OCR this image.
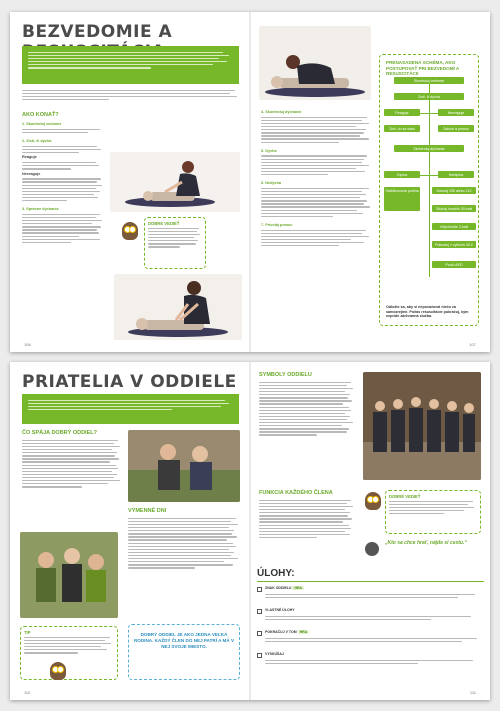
BEZVEDOMIE A
AKO KONAŤ?
1. Skontroluj vedomie
2. Zisti, či dýcha
Reaguje
Nereaguje
3. Správne dýchanie
DOBRE VEDIEŤ
106
4. Skontroluj dýchanie
5. Dýcha
6. Nedýcha
7. Privolaj pomoc
PRENASADENÁ SCHÉMA, AKO POSTUPOVAŤ PRI BEZVEDOMÍ A RESUSCITÁCII
Skontroluj vedomie
Zisti, či dýcha
Reaguje	Nereaguje
Zisti, čo sa stalo	Zakloň a pomoc
Skontroluj dýchanie
Dýcha	Nedýcha
Stabilizovaná poloha	Zavolaj 155 alebo 112
Stláčaj hrudník 30-krát
Vdýchnutie 2-krát
Pokračuj v cykloch 30:2
Použi AED
Odložte sa, aby si nepovažoval niečo za samozrejmé. Počas resuscitácie pokračuj, kým nepríde záchranná služba.
107
PRIATELIA V ODDIELE
ČO SPÁJA DOBRÝ ODDIEL?
VÝMENNÉ DNI
TIP	DOBRÝ ODDIEL JE AKO JEDNA VEĽKÁ RODINA. KAŽDÝ ČLEN DO NEJ PATRÍ A MÁ V NEJ SVOJE MIESTO.
110
SYMBOLY ODDIELU
FUNKCIA KAŽDÉHO ČLENA
DOBRÉ VEDIEŤ
„Kto sa chce hrať, nájde si cestu.“
ÚLOHY:
ZNAK ODDIELU HRA
VLASTNÉ ÚLOHY
POKRAČUJ V TOM HRA
VYSKÚŠAJ
111
